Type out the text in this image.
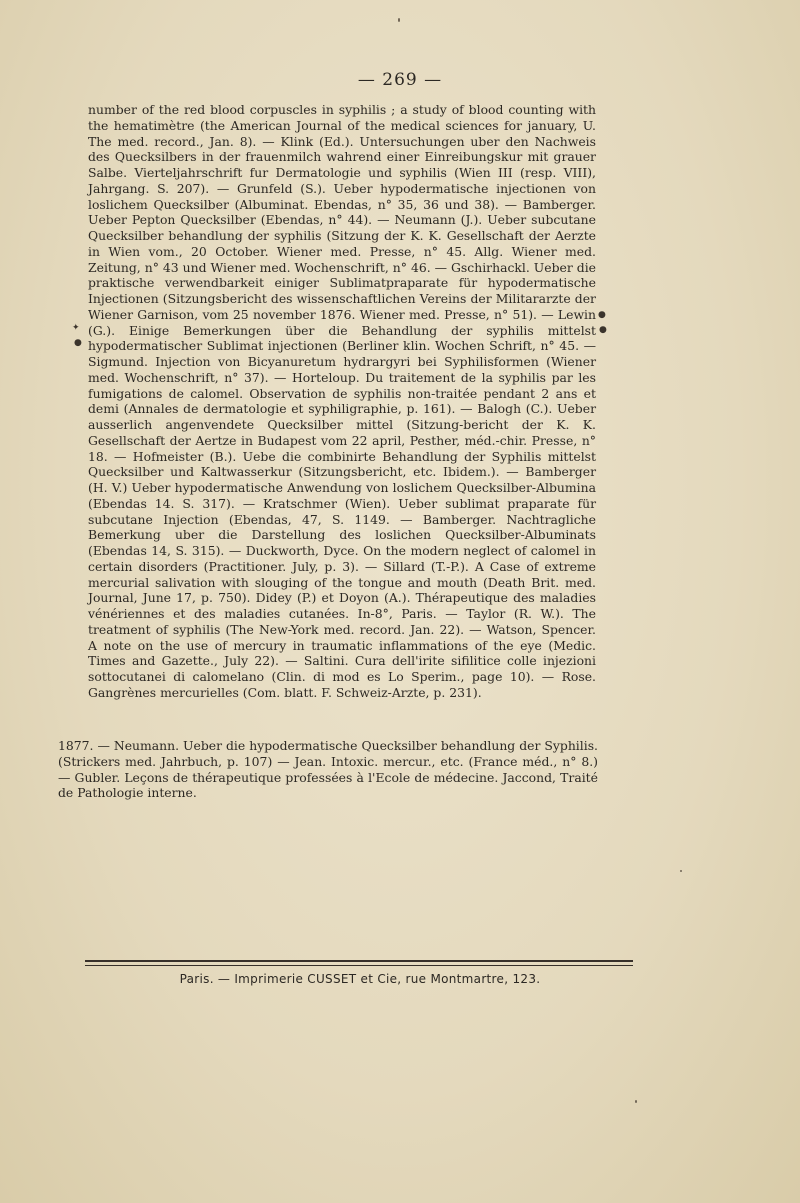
— 269 —

number of the red blood corpuscles in syphilis ; a study of blood counting with the hematimètre (the American Journal of the medical sciences for january, U. The med. record., Jan. 8). — Klink (Ed.). Untersuchungen uber den Nachweis des Quecksilbers in der frauenmilch wahrend einer Einreibungskur mit grauer Salbe. Vierteljahrschrift fur Dermatologie und syphilis (Wien III (resp. VIII), Jahrgang. S. 207). — Grunfeld (S.). Ueber hypodermatische injectionen von loslichem Quecksilber (Albuminat. Ebendas, n° 35, 36 und 38). — Bamberger. Ueber Pepton Quecksilber (Ebendas, n° 44). — Neumann (J.). Ueber subcutane Quecksilber behandlung der syphilis (Sitzung der K. K. Gesellschaft der Aerzte in Wien vom., 20 October. Wiener med. Presse, n° 45. Allg. Wiener med. Zeitung, n° 43 und Wiener med. Wochenschrift, n° 46. — Gschirhackl. Ueber die praktische verwendbarkeit einiger Sublimatpraparate für hypodermatische Injectionen (Sitzungsbericht des wissenschaftlichen Vereins der Militararzte der Wiener Garnison, vom 25 november 1876. Wiener med. Presse, n° 51). — Lewin (G.). Einige Bemerkungen über die Behandlung der syphilis mittelst hypodermatischer Sublimat injectionen (Berliner klin. Wochen Schrift, n° 45. — Sigmund. Injection von Bicyanuretum hydrargyri bei Syphilisformen (Wiener med. Wochenschrift, n° 37). — Horteloup. Du traitement de la syphilis par les fumigations de calomel. Observation de syphilis non-traitée pendant 2 ans et demi (Annales de dermatologie et syphiligraphie, p. 161). — Balogh (C.). Ueber ausserlich angenvendete Quecksilber mittel (Sitzung-bericht der K. K. Gesellschaft der Aertze in Budapest vom 22 april, Pesther, méd.-chir. Presse, n° 18. — Hofmeister (B.). Uebe die combinirte Behandlung der Syphilis mittelst Quecksilber und Kaltwasserkur (Sitzungsbericht, etc. Ibidem.). — Bamberger (H. V.) Ueber hypodermatische Anwendung von loslichem Quecksilber-Albumina (Ebendas 14. S. 317). — Kratschmer (Wien). Ueber sublimat praparate für subcutane Injection (Ebendas, 47, S. 1149. — Bamberger. Nachtragliche Bemerkung uber die Darstellung des loslichen Quecksilber-Albuminats (Ebendas 14, S. 315). — Duckworth, Dyce. On the modern neglect of calomel in certain disorders (Practitioner. July, p. 3). — Sillard (T.-P.). A Case of extreme mercurial salivation with slouging of the tongue and mouth (Death Brit. med. Journal, June 17, p. 750). Didey (P.) et Doyon (A.). Thérapeutique des maladies vénériennes et des maladies cutanées. In-8°, Paris. — Taylor (R. W.). The treatment of syphilis (The New-York med. record. Jan. 22). — Watson, Spencer. A note on the use of mercury in traumatic inflammations of the eye (Medic. Times and Gazette., July 22). — Saltini. Cura dell'irite sifilitice colle injezioni sottocutanei di calomelano (Clin. di mod es Lo Sperim., page 10). — Rose. Gangrènes mercurielles (Com. blatt. F. Schweiz-Arzte, p. 231).

✦
●
●
●
1877. — Neumann. Ueber die hypodermatische Quecksilber behandlung der Syphilis. (Strickers med. Jahrbuch, p. 107) — Jean. Intoxic. mercur., etc. (France méd., n° 8.) — Gubler. Leçons de thérapeutique professées à l'Ecole de médecine. Jaccond, Traité de Pathologie interne.
Paris. — Imprimerie CUSSET et Cie, rue Montmartre, 123.
